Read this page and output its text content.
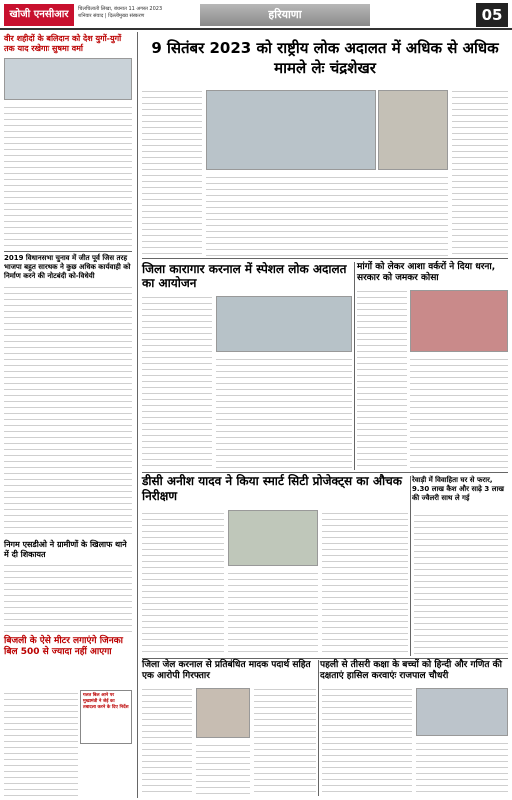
खोजी एनसीआर	चिलचिलाती लिखा, बंधनात 11 अगस्त 2023
शनिवार संवाद | दिल्लीमुख्य संस्करण	हरियाणा	05
वीर शहीदों के बलिदान को देश युगों-युगों तक याद रखेगाः सुषमा वर्मा
2019 विधानसभा चुनाव में जीत पूर्व जिस तरह भाजपा बहुत सारथक ने कुछ अधिक कार्यवाही को निर्माण करने की नोटबंदी को-विधेयी
निगम एसडीओ ने ग्रामीणों के खिलाफ थाने में दी शिकायत
बिजली के ऐसे मीटर लगाएंगे जिनका बिल 500 से ज्यादा नहीं आएगा
गलत बिल आने पर मुख्यमंत्री ने जेई का तबादला करने के दिए निर्देश
9 सितंबर 2023 को राष्ट्रीय लोक अदालत में अधिक से अधिक मामले लेः चंद्रशेखर
जिला कारागार करनाल में स्पेशल लोक अदालत का आयोजन
मांगों को लेकर आशा वर्करों ने दिया धरना, सरकार को जमकर कोसा
डीसी अनीश यादव ने किया स्मार्ट सिटी प्रोजेक्ट्स का औचक निरीक्षण
रेवाड़ी में विवाहिता घर से फरार, 9.30 लाख कैश और साढ़े 3 लाख की ज्वैलरी साथ ले गई
जिला जेल करनाल से प्रतिबंधित मादक पदार्थ सहित एक आरोपी गिरफ्तार
पहली से तीसरी कक्षा के बच्चों को हिन्दी और गणित की दक्षताएं हासिल करवाएंः राजपाल चौधरी
